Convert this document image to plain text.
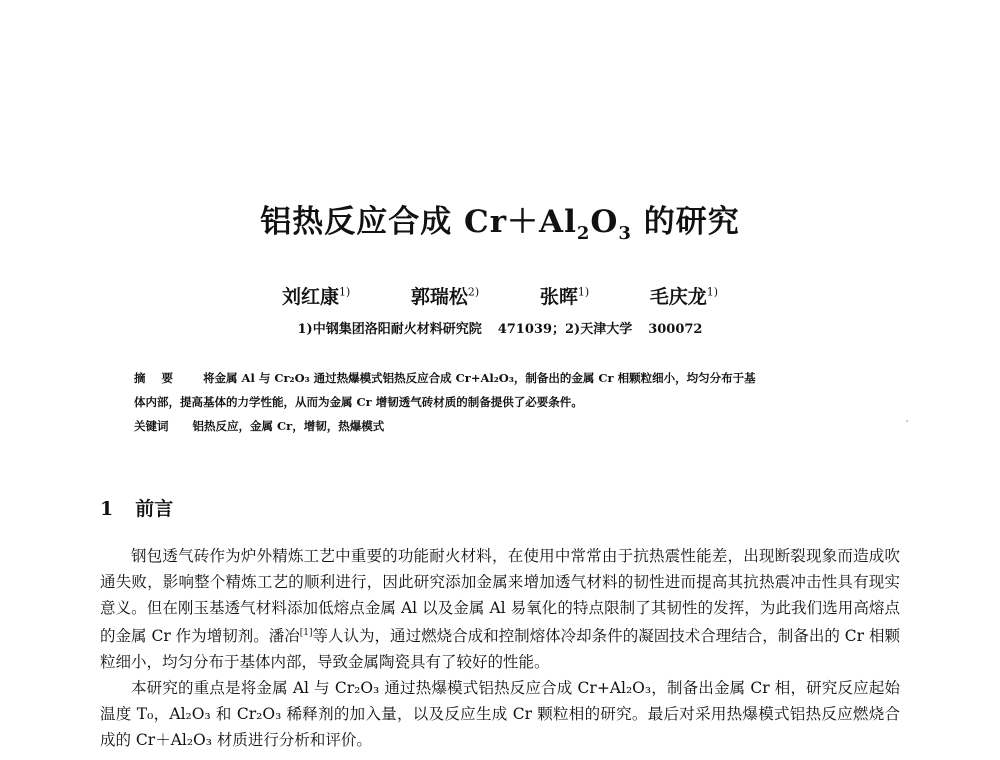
铝热反应合成 $Cr+Al_2O_3$ 的研究
刘红康$^{1)}$	郭瑞松$^{2)}$	张晖$^{1)}$	毛庆龙$^{1)}$
1)中钢集团洛阳耐火材料研究院 471039；2)天津大学 300072
摘 要 将金属 Al 与 Cr₂O₃ 通过热爆模式铝热反应合成 Cr+Al₂O₃，制备出的金属 Cr 相颗粒细小，均匀分布于基
体内部，提高基体的力学性能，从而为金属 Cr 增韧透气砖材质的制备提供了必要条件。
关键词 铝热反应，金属 Cr，增韧，热爆模式
1 前言

钢包透气砖作为炉外精炼工艺中重要的功能耐火材料，在使用中常常由于抗热震性能差，出现断裂现象而造成吹通失败，影响整个精炼工艺的顺利进行，因此研究添加金属来增加透气材料的韧性进而提高其抗热震冲击性具有现实意义。但在刚玉基透气材料添加低熔点金属 Al 以及金属 Al 易氧化的特点限制了其韧性的发挥，为此我们选用高熔点的金属 Cr 作为增韧剂。潘冶[1]等人认为，通过燃烧合成和控制熔体冷却条件的凝固技术合理结合，制备出的 Cr 相颗粒细小，均匀分布于基体内部，导致金属陶瓷具有了较好的性能。

本研究的重点是将金属 Al 与 Cr₂O₃ 通过热爆模式铝热反应合成 Cr+Al₂O₃，制备出金属 Cr 相，研究反应起始温度 T₀，Al₂O₃ 和 Cr₂O₃ 稀释剂的加入量，以及反应生成 Cr 颗粒相的研究。最后对采用热爆模式铝热反应燃烧合成的 Cr＋Al₂O₃ 材质进行分析和评价。
